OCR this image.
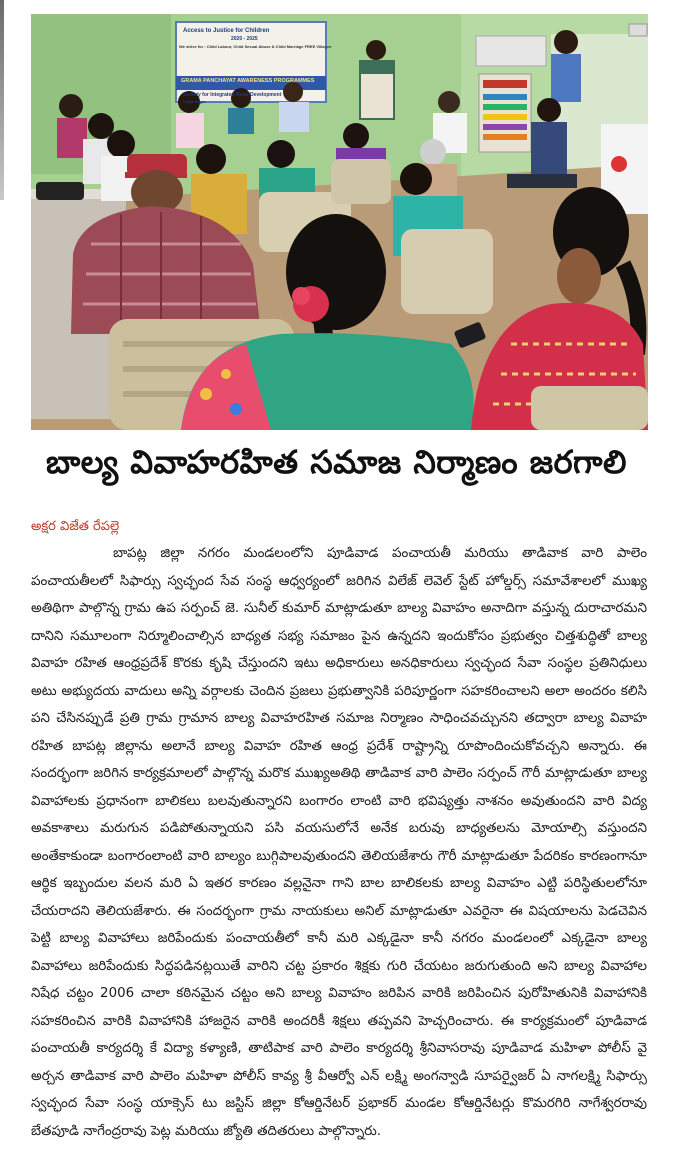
Access to Justice for Children
2020 - 2025
We strive for : Child Labour, Child Sexual Abuse & Child Marriage FREE Villages
GRAMA PANCHAYAT AWARENESS PROGRAMMES
Society for Integrated Rural Development
Vidya Nagar
బాల్య వివాహరహిత సమాజ నిర్మాణం జరగాలి
అక్షర విజేత రేపల్లె
బాపట్ల జిల్లా నగరం మండలంలోని పూడివాడ పంచాయతీ మరియు తాడివాక వారి పాలెం పంచాయతీలలో సిఫార్సు స్వచ్ఛంద సేవ సంస్థ ఆధ్వర్యంలో జరిగిన విలేజ్ లెవెల్ స్టేట్ హోల్డర్స్ సమావేశాలలో ముఖ్య అతిథిగా పాల్గొన్న గ్రామ ఉప సర్పంచ్ జె. సునీల్ కుమార్ మాట్లాడుతూ బాల్య వివాహం అనాదిగా వస్తున్న దురాచారమని దానిని సమూలంగా నిర్మూలించాల్సిన బాధ్యత సభ్య సమాజం పైన ఉన్నదని ఇందుకోసం ప్రభుత్వం చిత్తశుద్ధితో బాల్య వివాహ రహిత ఆంధ్రప్రదేశ్ కొరకు కృషి చేస్తుందని ఇటు అధికారులు అనధికారులు స్వచ్ఛంద సేవా సంస్థల ప్రతినిధులు అటు అభ్యుదయ వాదులు అన్ని వర్గాలకు చెందిన ప్రజలు ప్రభుత్వానికి పరిపూర్ణంగా సహకరించాలని అలా అందరం కలిసి పని చేసినప్పుడే ప్రతి గ్రామ గ్రామాన బాల్య వివాహరహిత సమాజ నిర్మాణం సాధించవచ్చునని తద్వారా బాల్య వివాహ రహిత బాపట్ల జిల్లాను అలానే బాల్య వివాహ రహిత ఆంధ్ర ప్రదేశ్ రాష్ట్రాన్ని రూపొందించుకోవచ్చని అన్నారు. ఈ సందర్భంగా జరిగిన కార్యక్రమాలలో పాల్గొన్న మరొక ముఖ్యఅతిథి తాడివాక వారి పాలెం సర్పంచ్ గౌరీ మాట్లాడుతూ బాల్య వివాహాలకు ప్రధానంగా బాలికలు బలవుతున్నారని బంగారం లాంటి వారి భవిష్యత్తు నాశనం అవుతుందని వారి విద్య అవకాశాలు మరుగున పడిపోతున్నాయని పసి వయసులోనే అనేక బరువు బాధ్యతలను మోయాల్సి వస్తుందని అంతేకాకుండా బంగారంలాంటి వారి బాల్యం బుగ్గిపాలవుతుందని తెలియజేశారు గౌరీ మాట్లాడుతూ పేదరికం కారణంగానూ ఆర్థిక ఇబ్బందుల వలన మరి ఏ ఇతర కారణం వల్లనైనా గాని బాల బాలికలకు బాల్య వివాహం ఎట్టి పరిస్థితులలోనూ చేయరాదని తెలియజేశారు. ఈ సందర్భంగా గ్రామ నాయకులు అనిల్ మాట్లాడుతూ ఎవరైనా ఈ విషయాలను పెడచెవిన పెట్టి బాల్య వివాహాలు జరిపేందుకు పంచాయతీలో కానీ మరి ఎక్కడైనా కానీ నగరం మండలంలో ఎక్కడైనా బాల్య వివాహాలు జరిపేందుకు సిద్ధపడినట్లయితే వారిని చట్ట ప్రకారం శిక్షకు గురి చేయటం జరుగుతుంది అని బాల్య వివాహాల నిషేధ చట్టం 2006 చాలా కఠినమైన చట్టం అని బాల్య వివాహం జరిపిన వారికి జరిపించిన పురోహితునికి వివాహానికి సహకరించిన వారికి వివాహానికి హాజరైన వారికి అందరికీ శిక్షలు తప్పవని హెచ్చరించారు. ఈ కార్యక్రమంలో పూడివాడ పంచాయతీ కార్యదర్శి కే విద్యా కళ్యాణి, తాటిపాక వారి పాలెం కార్యదర్శి శ్రీనివాసరావు పూడివాడ మహిళా పోలీస్ వై అర్చన తాడివాక వారి పాలెం మహిళా పోలీస్ కావ్య శ్రీ వీఆర్వో ఎన్ లక్ష్మి అంగన్వాడి సూపర్వైజర్ ఏ నాగలక్ష్మి సిఫార్సు స్వచ్ఛంద సేవా సంస్థ యాక్సెస్ టు జస్టిస్ జిల్లా కోఆర్డినేటర్ ప్రభాకర్ మండల కోఆర్డినేటర్లు కొమరగిరి నాగేశ్వరరావు బేతపూడి నాగేంద్రరావు పెట్ల మరియు జ్యోతి తదితరులు పాల్గొన్నారు.
